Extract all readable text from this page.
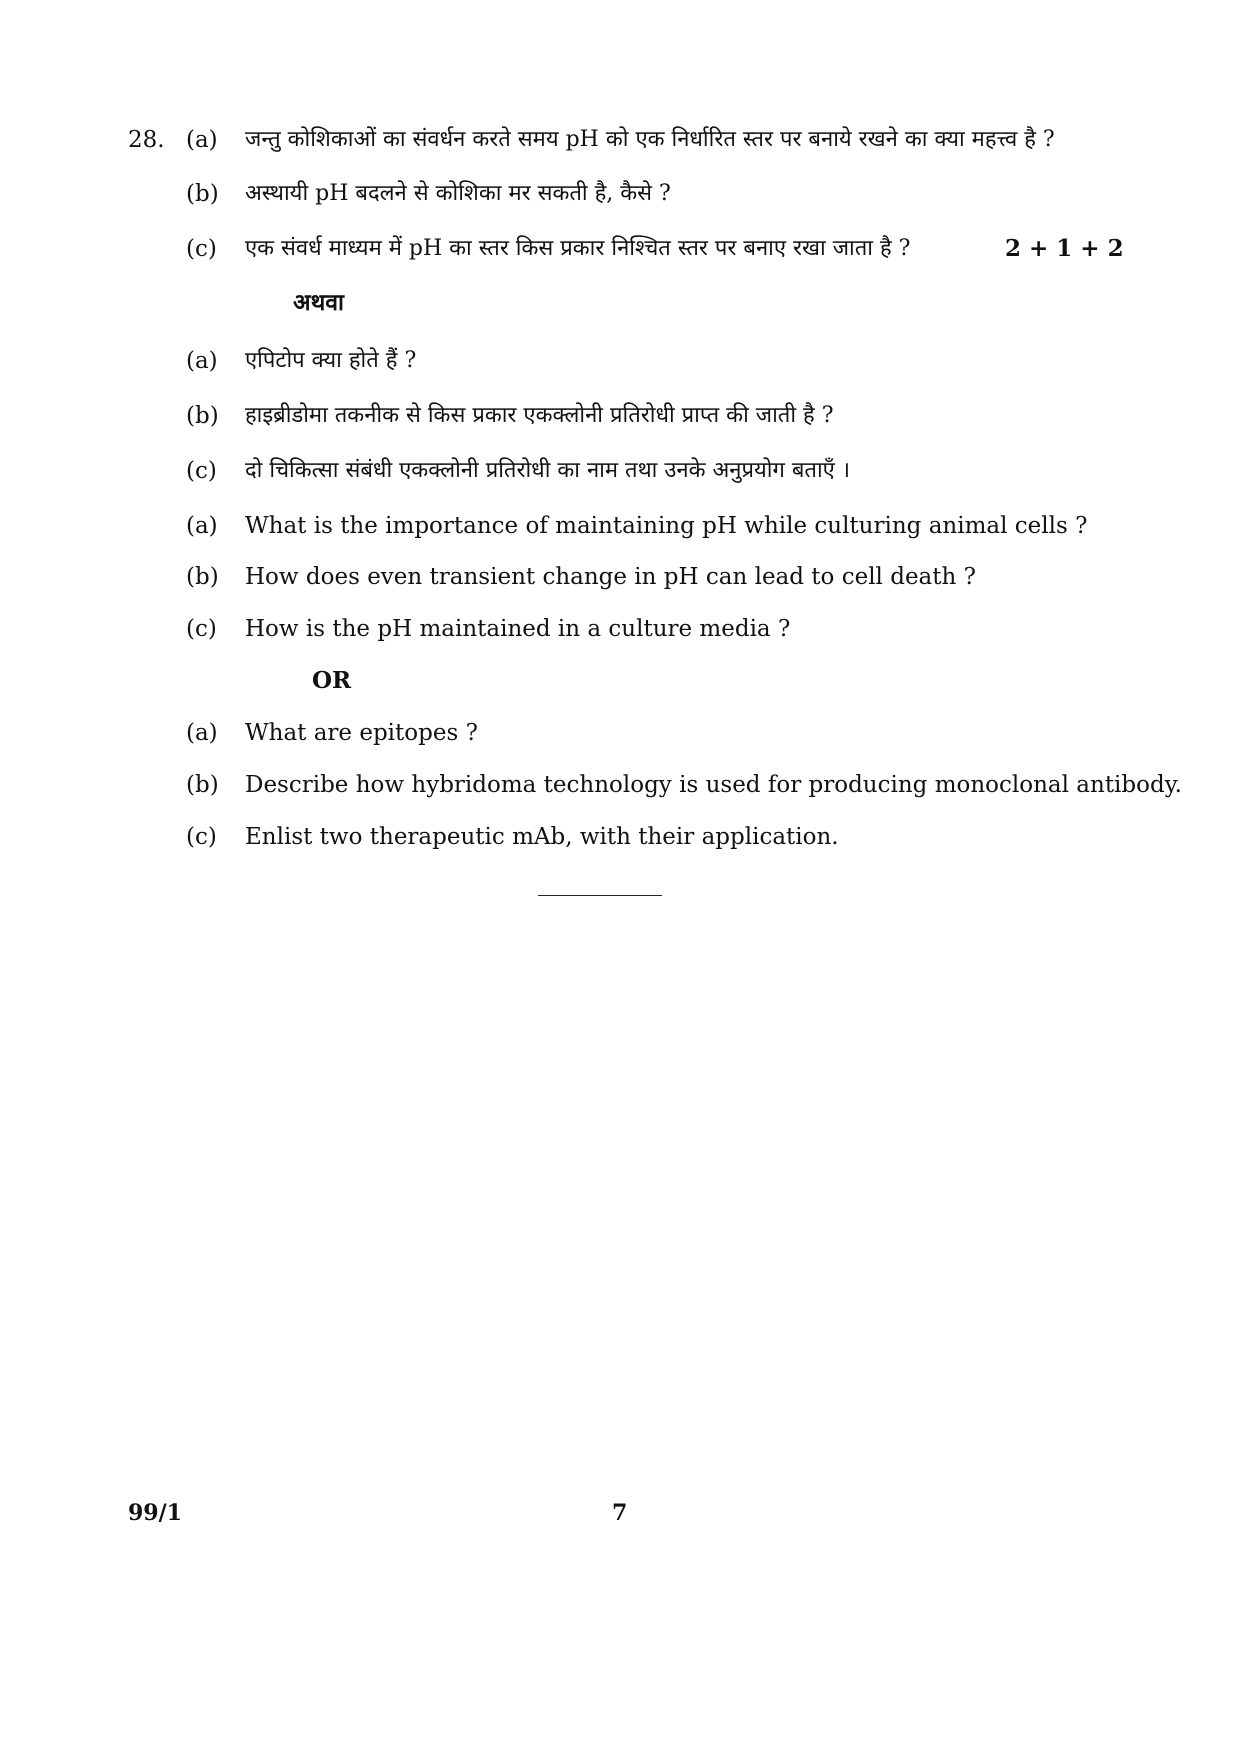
28. (a) जन्तु कोशिकाओं का संवर्धन करते समय pH को एक निर्धारित स्तर पर बनाये रखने का क्या महत्त्व है ?
(b) अस्थायी pH बदलने से कोशिका मर सकती है, कैसे ?
(c) एक संवर्ध माध्यम में pH का स्तर किस प्रकार निश्चित स्तर पर बनाए रखा जाता है ?	2 + 1 + 2
अथवा
(a) एपिटोप क्या होते हैं ?
(b) हाइब्रीडोमा तकनीक से किस प्रकार एकक्लोनी प्रतिरोधी प्राप्त की जाती है ?
(c) दो चिकित्सा संबंधी एकक्लोनी प्रतिरोधी का नाम तथा उनके अनुप्रयोग बताएँ ।
(a) What is the importance of maintaining pH while culturing animal cells ?
(b) How does even transient change in pH can lead to cell death ?
(c) How is the pH maintained in a culture media ?
OR
(a) What are epitopes ?
(b) Describe how hybridoma technology is used for producing monoclonal antibody.
(c) Enlist two therapeutic mAb, with their application.
99/1	7
